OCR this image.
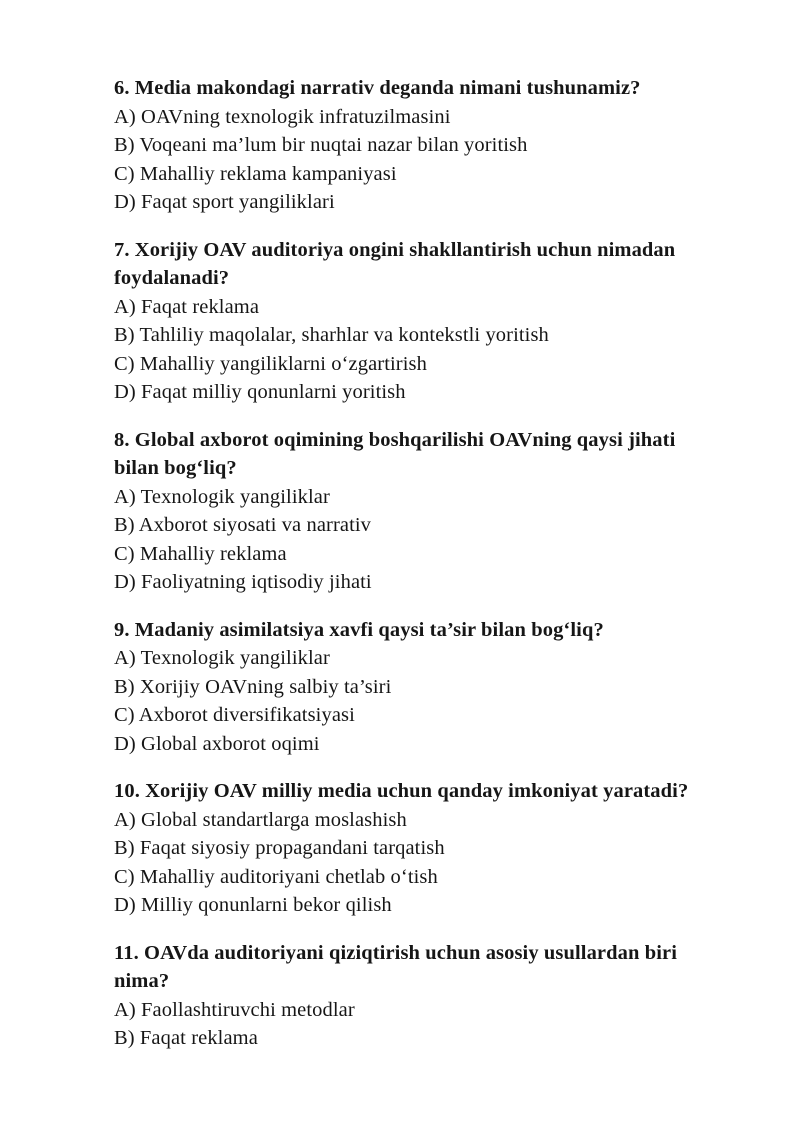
6. Media makondagi narrativ deganda nimani tushunamiz?
A) OAVning texnologik infratuzilmasini
B) Voqeani ma’lum bir nuqtai nazar bilan yoritish
C) Mahalliy reklama kampaniyasi
D) Faqat sport yangiliklari
7. Xorijiy OAV auditoriya ongini shakllantirish uchun nimadan
foydalanadi?
A) Faqat reklama
B) Tahliliy maqolalar, sharhlar va kontekstli yoritish
C) Mahalliy yangiliklarni o‘zgartirish
D) Faqat milliy qonunlarni yoritish
8. Global axborot oqimining boshqarilishi OAVning qaysi jihati
bilan bog‘liq?
A) Texnologik yangiliklar
B) Axborot siyosati va narrativ
C) Mahalliy reklama
D) Faoliyatning iqtisodiy jihati
9. Madaniy asimilatsiya xavfi qaysi ta’sir bilan bog‘liq?
A) Texnologik yangiliklar
B) Xorijiy OAVning salbiy ta’siri
C) Axborot diversifikatsiyasi
D) Global axborot oqimi
10. Xorijiy OAV milliy media uchun qanday imkoniyat yaratadi?
A) Global standartlarga moslashish
B) Faqat siyosiy propagandani tarqatish
C) Mahalliy auditoriyani chetlab o‘tish
D) Milliy qonunlarni bekor qilish
11. OAVda auditoriyani qiziqtirish uchun asosiy usullardan biri
nima?
A) Faollashtiruvchi metodlar
B) Faqat reklama
